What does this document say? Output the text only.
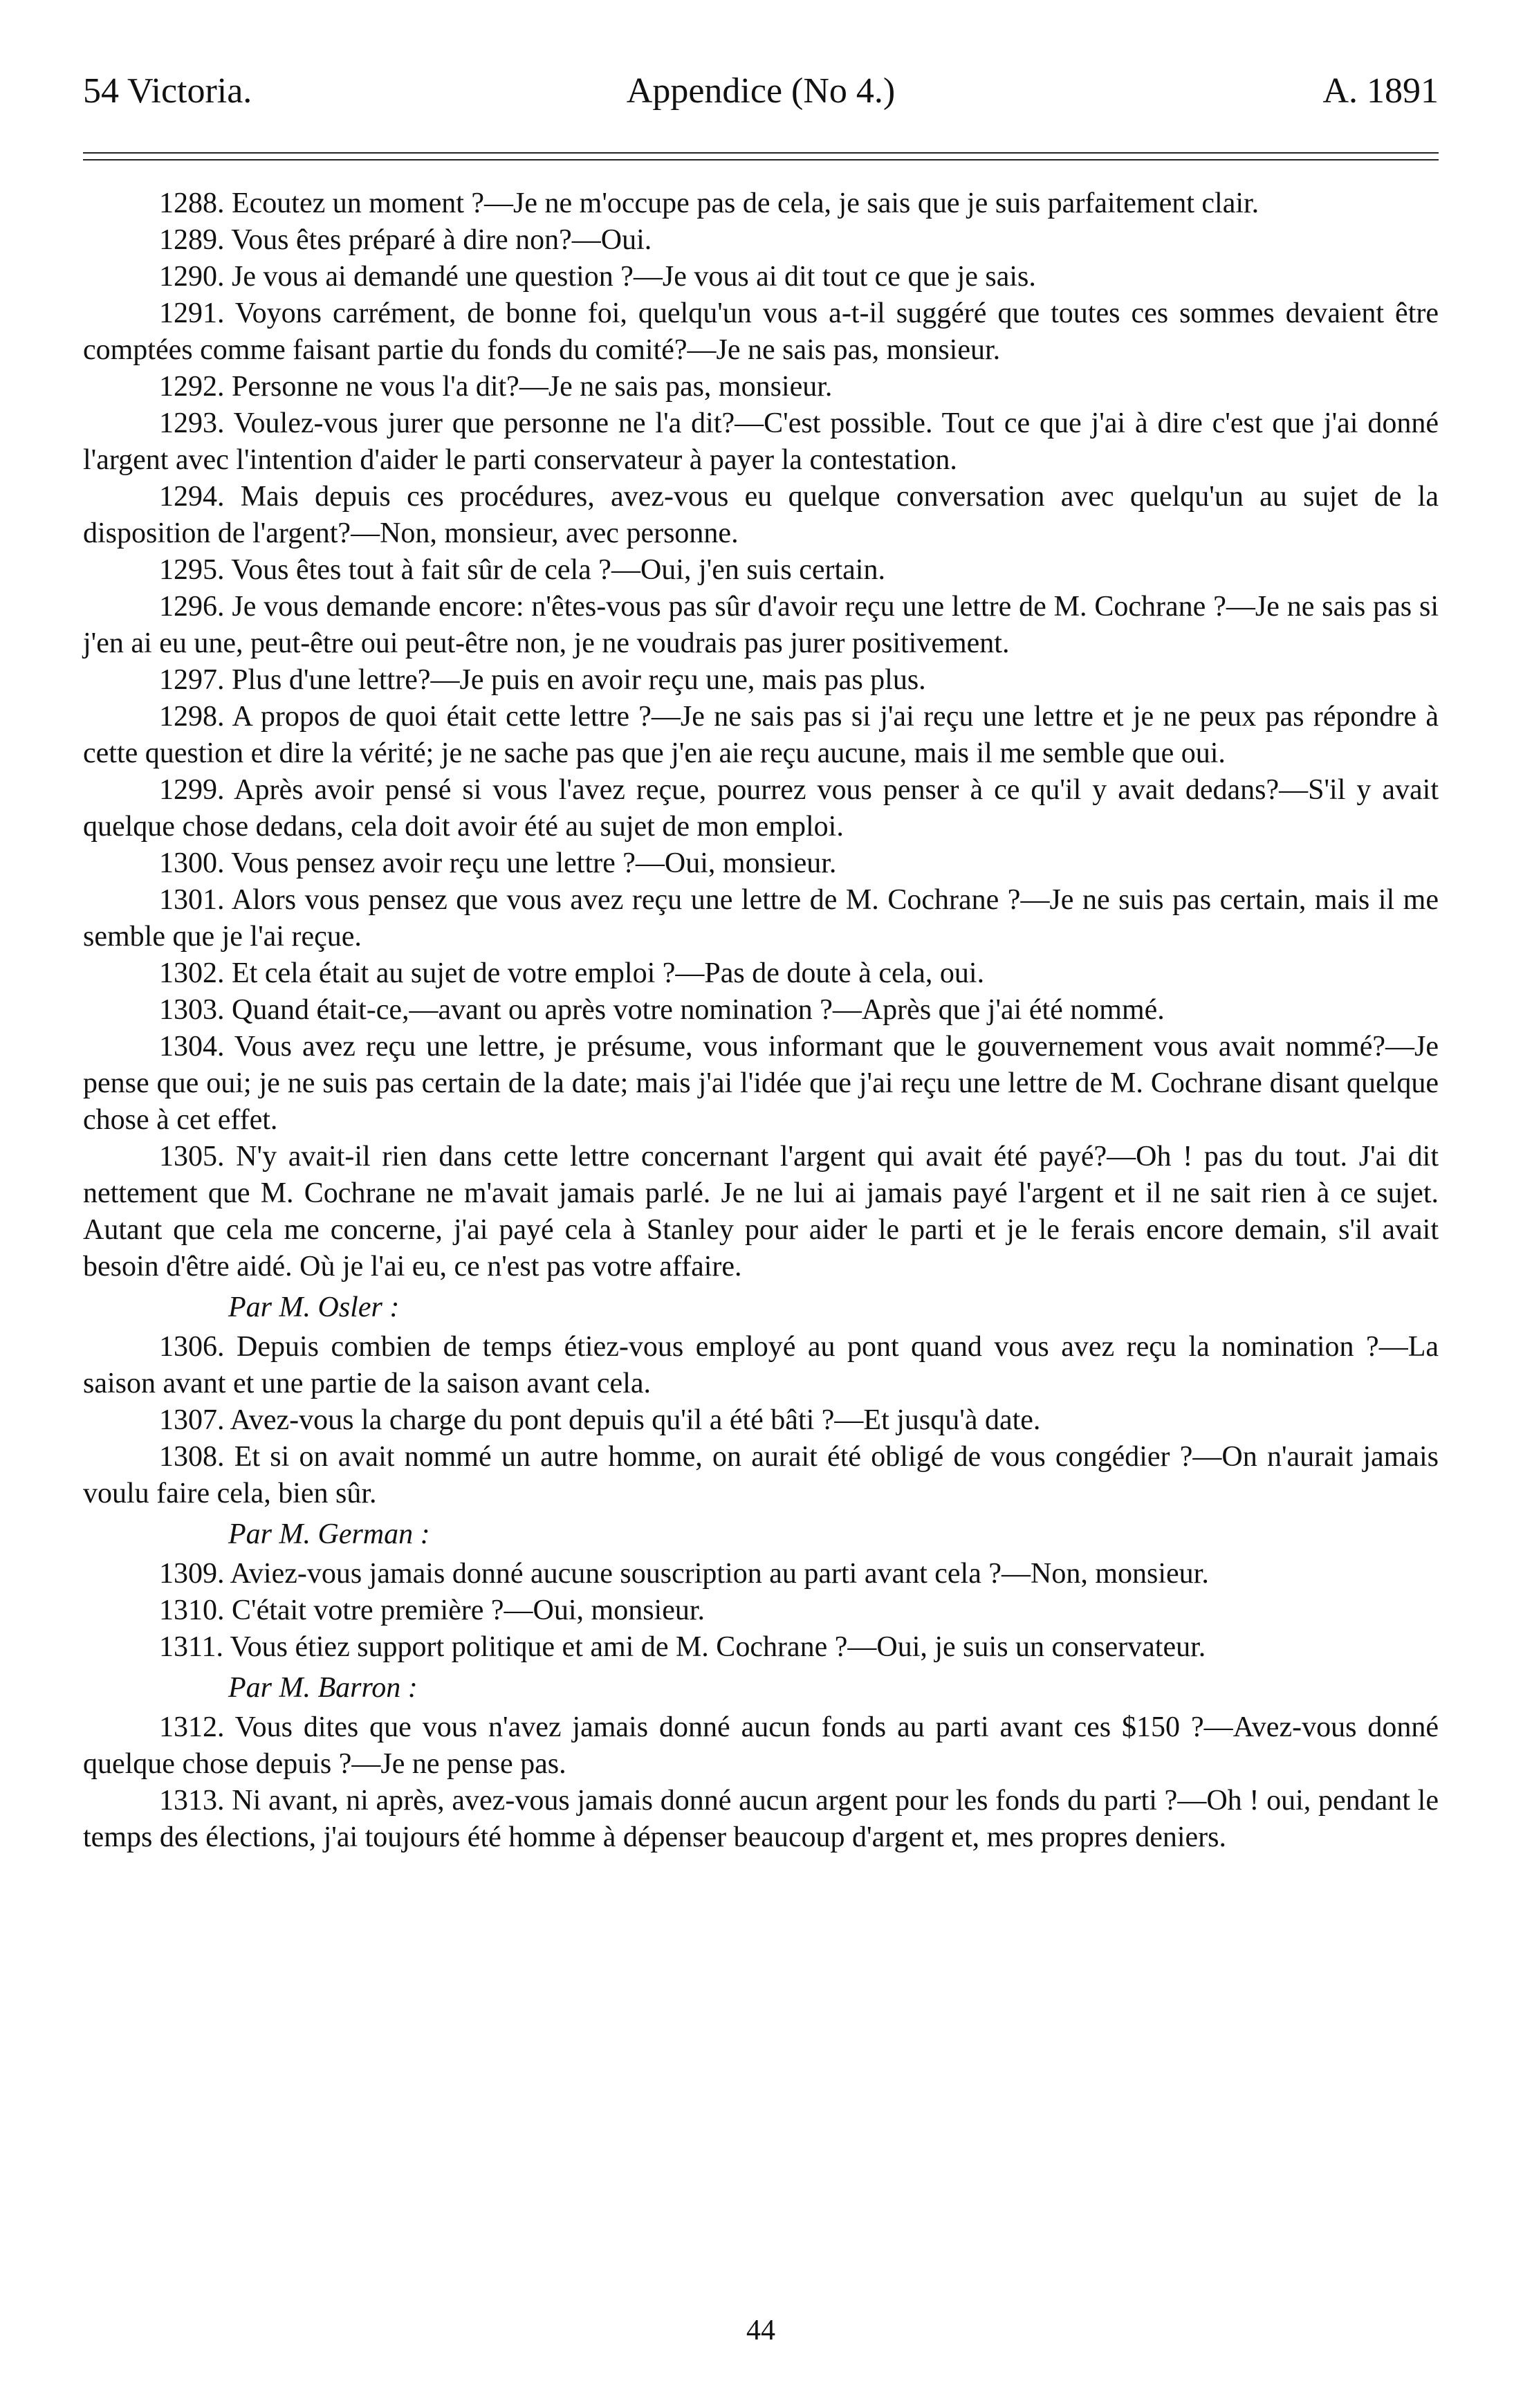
54 Victoria.	Appendice (No 4.)	A. 1891

1288. Ecoutez un moment ?—Je ne m'occupe pas de cela, je sais que je suis parfaitement clair.

1289. Vous êtes préparé à dire non?—Oui.

1290. Je vous ai demandé une question ?—Je vous ai dit tout ce que je sais.

1291. Voyons carrément, de bonne foi, quelqu'un vous a-t-il suggéré que toutes ces sommes devaient être comptées comme faisant partie du fonds du comité?—Je ne sais pas, monsieur.

1292. Personne ne vous l'a dit?—Je ne sais pas, monsieur.

1293. Voulez-vous jurer que personne ne l'a dit?—C'est possible. Tout ce que j'ai à dire c'est que j'ai donné l'argent avec l'intention d'aider le parti conservateur à payer la contestation.

1294. Mais depuis ces procédures, avez-vous eu quelque conversation avec quelqu'un au sujet de la disposition de l'argent?—Non, monsieur, avec personne.

1295. Vous êtes tout à fait sûr de cela ?—Oui, j'en suis certain.

1296. Je vous demande encore: n'êtes-vous pas sûr d'avoir reçu une lettre de M. Cochrane ?—Je ne sais pas si j'en ai eu une, peut-être oui peut-être non, je ne voudrais pas jurer positivement.

1297. Plus d'une lettre?—Je puis en avoir reçu une, mais pas plus.

1298. A propos de quoi était cette lettre ?—Je ne sais pas si j'ai reçu une lettre et je ne peux pas répondre à cette question et dire la vérité; je ne sache pas que j'en aie reçu aucune, mais il me semble que oui.

1299. Après avoir pensé si vous l'avez reçue, pourrez vous penser à ce qu'il y avait dedans?—S'il y avait quelque chose dedans, cela doit avoir été au sujet de mon emploi.

1300. Vous pensez avoir reçu une lettre ?—Oui, monsieur.

1301. Alors vous pensez que vous avez reçu une lettre de M. Cochrane ?—Je ne suis pas certain, mais il me semble que je l'ai reçue.

1302. Et cela était au sujet de votre emploi ?—Pas de doute à cela, oui.

1303. Quand était-ce,—avant ou après votre nomination ?—Après que j'ai été nommé.

1304. Vous avez reçu une lettre, je présume, vous informant que le gouvernement vous avait nommé?—Je pense que oui; je ne suis pas certain de la date; mais j'ai l'idée que j'ai reçu une lettre de M. Cochrane disant quelque chose à cet effet.

1305. N'y avait-il rien dans cette lettre concernant l'argent qui avait été payé?—Oh ! pas du tout. J'ai dit nettement que M. Cochrane ne m'avait jamais parlé. Je ne lui ai jamais payé l'argent et il ne sait rien à ce sujet. Autant que cela me concerne, j'ai payé cela à Stanley pour aider le parti et je le ferais encore demain, s'il avait besoin d'être aidé. Où je l'ai eu, ce n'est pas votre affaire.

Par M. Osler :

1306. Depuis combien de temps étiez-vous employé au pont quand vous avez reçu la nomination ?—La saison avant et une partie de la saison avant cela.

1307. Avez-vous la charge du pont depuis qu'il a été bâti ?—Et jusqu'à date.

1308. Et si on avait nommé un autre homme, on aurait été obligé de vous congédier ?—On n'aurait jamais voulu faire cela, bien sûr.

Par M. German :

1309. Aviez-vous jamais donné aucune souscription au parti avant cela ?—Non, monsieur.

1310. C'était votre première ?—Oui, monsieur.

1311. Vous étiez support politique et ami de M. Cochrane ?—Oui, je suis un conservateur.

Par M. Barron :

1312. Vous dites que vous n'avez jamais donné aucun fonds au parti avant ces $150 ?—Avez-vous donné quelque chose depuis ?—Je ne pense pas.

1313. Ni avant, ni après, avez-vous jamais donné aucun argent pour les fonds du parti ?—Oh ! oui, pendant le temps des élections, j'ai toujours été homme à dépenser beaucoup d'argent et, mes propres deniers.

44
